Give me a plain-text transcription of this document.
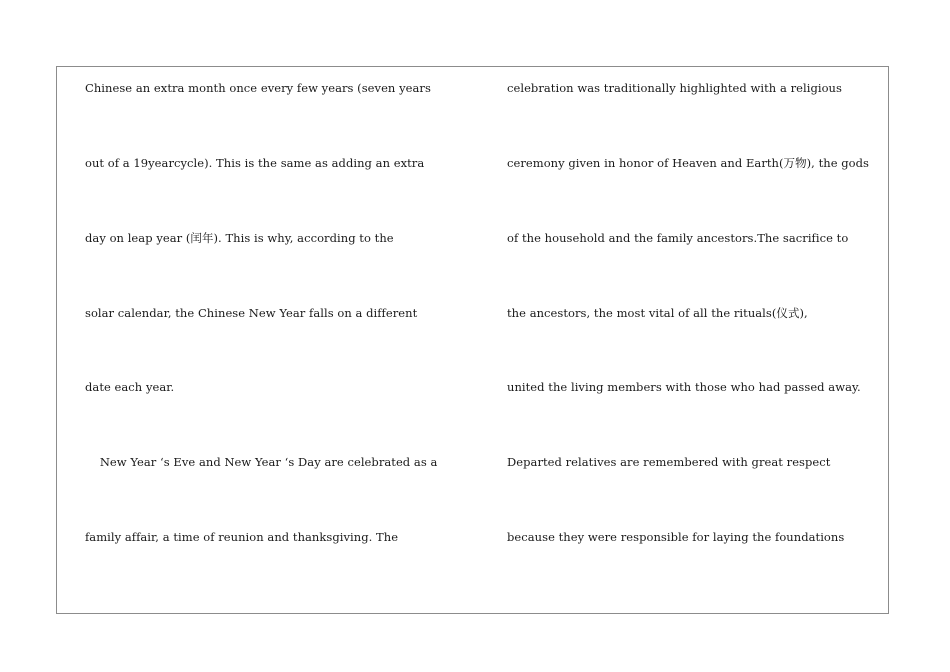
Chinese an extra month once every few years (seven years
out of a 19yearcycle). This is the same as adding an extra
day on leap year (闰年). This is why, according to the
solar calendar, the Chinese New Year falls on a different
date each year.
New Year ‘s Eve and New Year ‘s Day are celebrated as a
family affair, a time of reunion and thanksgiving. The
celebration was traditionally highlighted with a religious
ceremony given in honor of Heaven and Earth(万物), the gods
of the household and the family ancestors.The sacrifice to
the ancestors, the most vital of all the rituals(仪式),
united the living members with those who had passed away.
Departed relatives are remembered with great respect
because they were responsible for laying the foundations
